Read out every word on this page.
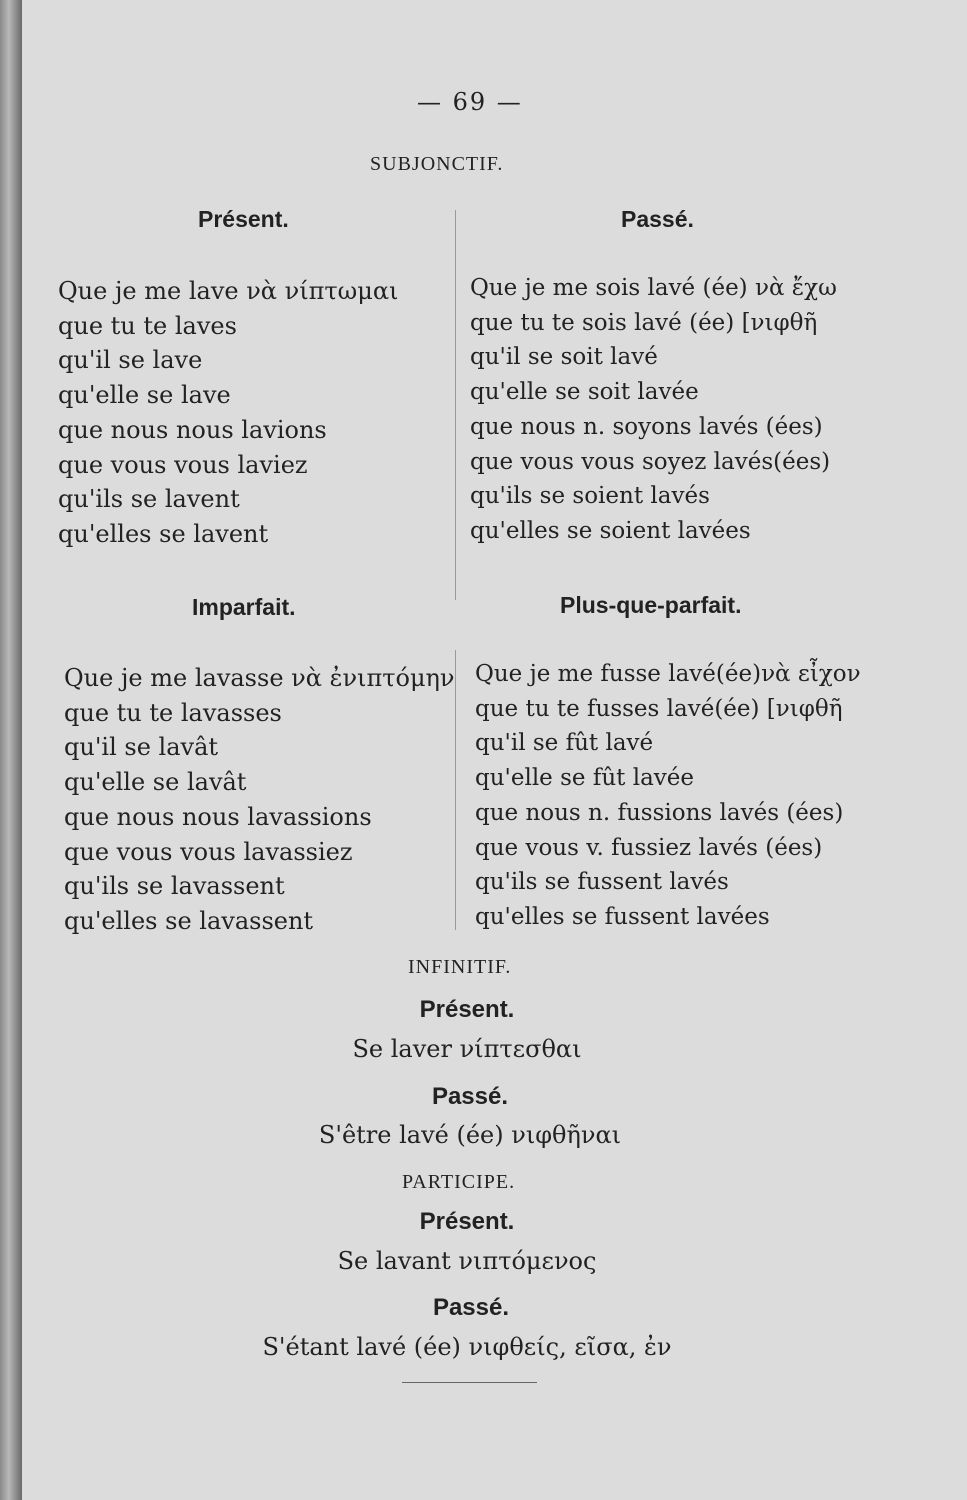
— 69 —
SUBJONCTIF.
Présent.
Que je me lave νὰ νίπτωμαι
que tu te laves
qu'il se lave
qu'elle se lave
que nous nous lavions
que vous vous laviez
qu'ils se lavent
qu'elles se lavent
Passé.
Que je me sois lavé (ée) νὰ ἔχω
que tu te sois lavé (ée) [νιφθῆ
qu'il se soit lavé
qu'elle se soit lavée
que nous n. soyons lavés (ées)
que vous vous soyez lavés(ées)
qu'ils se soient lavés
qu'elles se soient lavées
Imparfait.
Que je me lavasse νὰ ἐνιπτόμην
que tu te lavasses
qu'il se lavât
qu'elle se lavât
que nous nous lavassions
que vous vous lavassiez
qu'ils se lavassent
qu'elles se lavassent
Plus-que-parfait.
Que je me fusse lavé(ée)νὰ εἶχον
que tu te fusses lavé(ée) [νιφθῆ
qu'il se fût lavé
qu'elle se fût lavée
que nous n. fussions lavés (ées)
que vous v. fussiez lavés (ées)
qu'ils se fussent lavés
qu'elles se fussent lavées
INFINITIF.
Présent.
Se laver νίπτεσθαι
Passé.
S'être lavé (ée) νιφθῆναι
PARTICIPE.
Présent.
Se lavant νιπτόμενος
Passé.
S'étant lavé (ée) νιφθείς, εῖσα, ἐν
